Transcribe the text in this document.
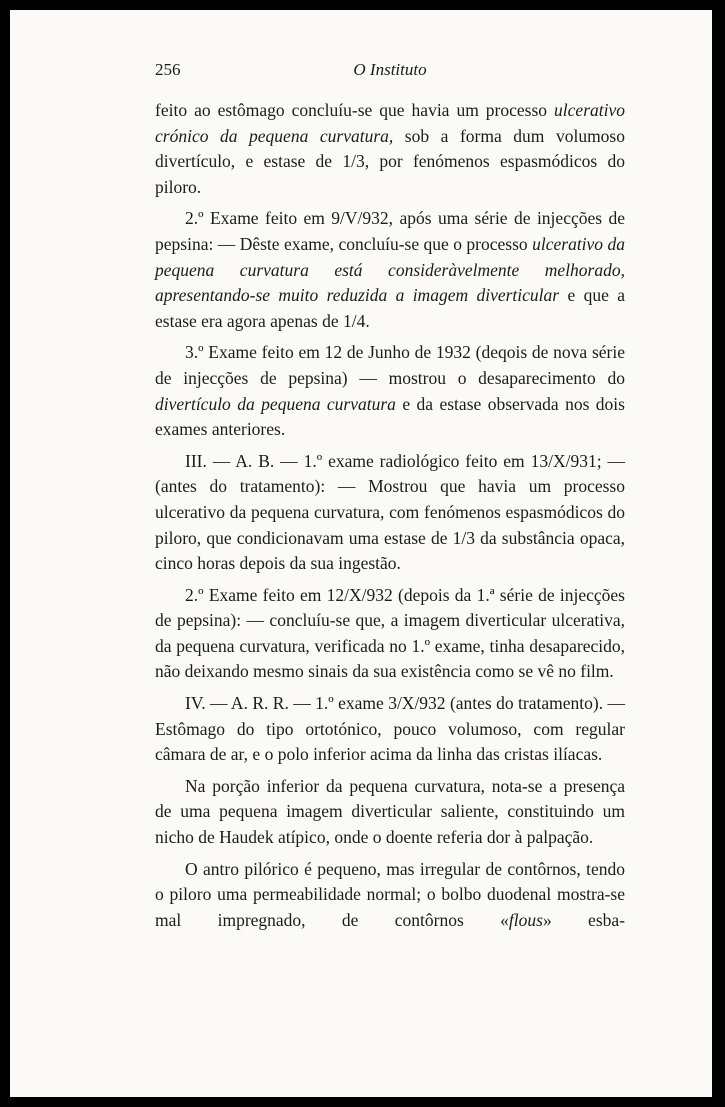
256	O Instituto

feito ao estômago concluíu-se que havia um processo ulcerativo crónico da pequena curvatura, sob a forma dum volumoso divertículo, e estase de 1/3, por fenómenos espasmódicos do piloro.

2.º Exame feito em 9/V/932, após uma série de injecções de pepsina: — Dêste exame, concluíu-se que o processo ulcerativo da pequena curvatura está consideràvelmente melhorado, apresentando-se muito reduzida a imagem diverticular e que a estase era agora apenas de 1/4.

3.º Exame feito em 12 de Junho de 1932 (deqois de nova série de injecções de pepsina) — mostrou o desaparecimento do divertículo da pequena curvatura e da estase observada nos dois exames anteriores.

III. — A. B. — 1.º exame radiológico feito em 13/X/931; — (antes do tratamento): — Mostrou que havia um processo ulcerativo da pequena curvatura, com fenómenos espasmódicos do piloro, que condicionavam uma estase de 1/3 da substância opaca, cinco horas depois da sua ingestão.

2.º Exame feito em 12/X/932 (depois da 1.ª série de injecções de pepsina): — concluíu-se que, a imagem diverticular ulcerativa, da pequena curvatura, verificada no 1.º exame, tinha desaparecido, não deixando mesmo sinais da sua existência como se vê no film.

IV. — A. R. R. — 1.º exame 3/X/932 (antes do tratamento). — Estômago do tipo ortotónico, pouco volumoso, com regular câmara de ar, e o polo inferior acima da linha das cristas ilíacas.

Na porção inferior da pequena curvatura, nota-se a presença de uma pequena imagem diverticular saliente, constituindo um nicho de Haudek atípico, onde o doente referia dor à palpação.

O antro pilórico é pequeno, mas irregular de contôrnos, tendo o piloro uma permeabilidade normal; o bolbo duodenal mostra-se mal impregnado, de contôrnos «flous» esba-
